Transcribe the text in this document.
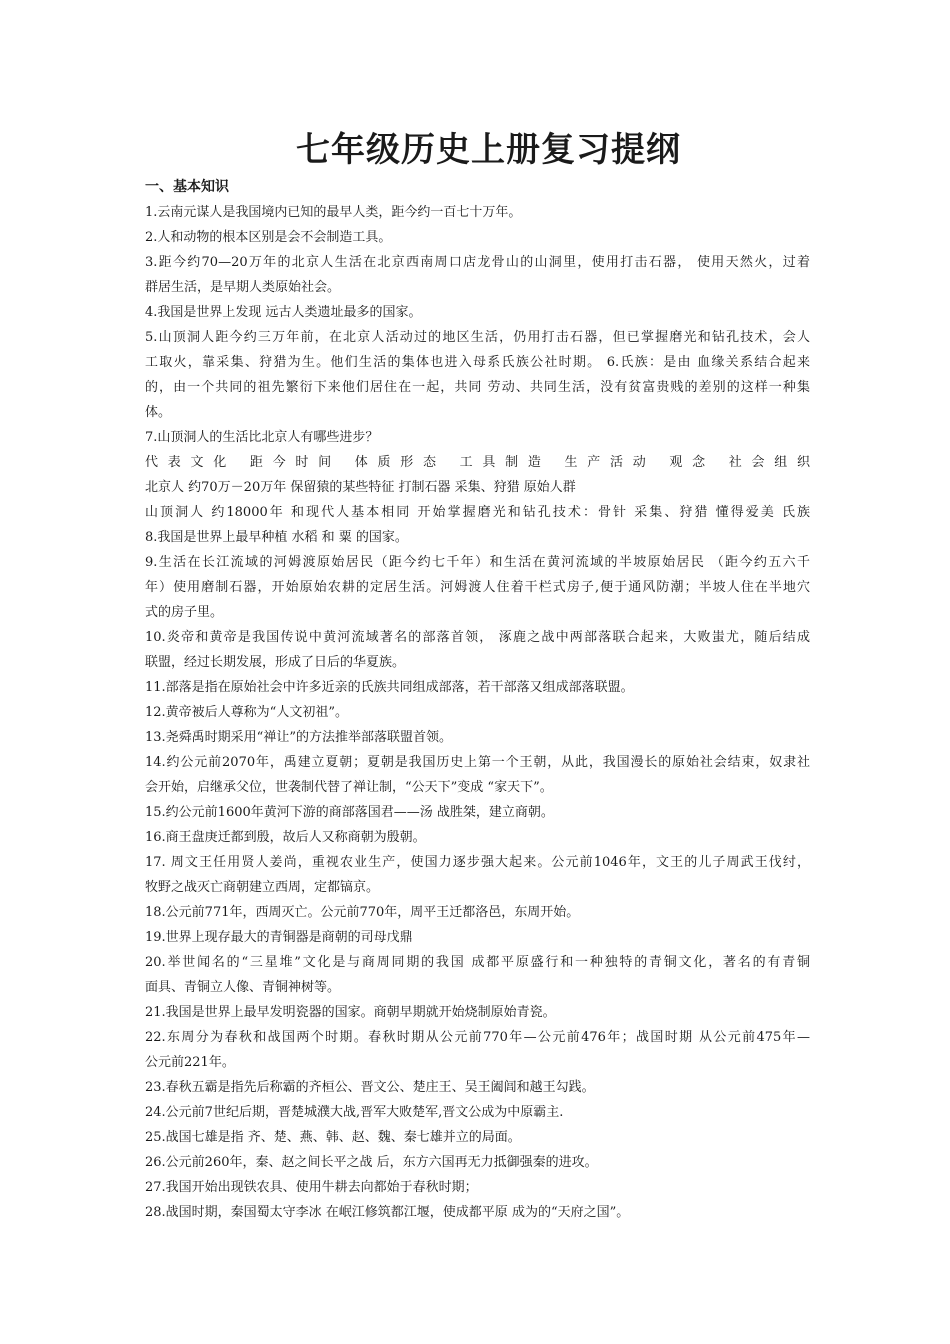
七年级历史上册复习提纲
一、基本知识
1.云南元谋人是我国境内已知的最早人类，距今约一百七十万年。
2.人和动物的根本区别是会不会制造工具。
3.距今约70—20万年的北京人生活在北京西南周口店龙骨山的山洞里，使用打击石器， 使用天然火，过着
群居生活，是早期人类原始社会。
4.我国是世界上发现 远古人类遗址最多的国家。
5.山顶洞人距今约三万年前，在北京人活动过的地区生活，仍用打击石器，但已掌握磨光和钻孔技术，会人
工取火，靠采集、狩猎为生。他们生活的集体也进入母系氏族公社时期。 6.氏族：是由 血缘关系结合起来
的，由一个共同的祖先繁衍下来他们居住在一起，共同 劳动、共同生活，没有贫富贵贱的差别的这样一种集
体。
7.山顶洞人的生活比北京人有哪些进步？
代表文化 距今时间 体质形态 工具制造 生产活动 观念 社会组织
北京人 约70万－20万年 保留猿的某些特征 打制石器 采集、狩猎 原始人群
山顶洞人 约18000年 和现代人基本相同 开始掌握磨光和钻孔技术：骨针 采集、狩猎 懂得爱美 氏族
8.我国是世界上最早种植 水稻 和 粟 的国家。
9.生活在长江流域的河姆渡原始居民（距今约七千年）和生活在黄河流域的半坡原始居民 （距今约五六千
年）使用磨制石器，开始原始农耕的定居生活。河姆渡人住着干栏式房子,便于通风防潮；半坡人住在半地穴
式的房子里。
10.炎帝和黄帝是我国传说中黄河流域著名的部落首领， 涿鹿之战中两部落联合起来，大败蚩尤，随后结成
联盟，经过长期发展，形成了日后的华夏族。
11.部落是指在原始社会中许多近亲的氏族共同组成部落，若干部落又组成部落联盟。
12.黄帝被后人尊称为“人文初祖”。
13.尧舜禹时期采用“禅让”的方法推举部落联盟首领。
14.约公元前2070年，禹建立夏朝；夏朝是我国历史上第一个王朝，从此，我国漫长的原始社会结束，奴隶社
会开始，启继承父位，世袭制代替了禅让制，“公天下”变成 “家天下”。
15.约公元前1600年黄河下游的商部落国君——汤 战胜桀，建立商朝。
16.商王盘庚迁都到殷，故后人又称商朝为殷朝。
17. 周文王任用贤人姜尚，重视农业生产，使国力逐步强大起来。公元前1046年，文王的儿子周武王伐纣，
牧野之战灭亡商朝建立西周，定都镐京。
18.公元前771年，西周灭亡。公元前770年，周平王迁都洛邑，东周开始。
19.世界上现存最大的青铜器是商朝的司母戊鼎
20.举世闻名的“三星堆”文化是与商周同期的我国 成都平原盛行和一种独特的青铜文化，著名的有青铜
面具、青铜立人像、青铜神树等。
21.我国是世界上最早发明瓷器的国家。商朝早期就开始烧制原始青瓷。
22.东周分为春秋和战国两个时期。春秋时期从公元前770年—公元前476年；战国时期 从公元前475年—
公元前221年。
23.春秋五霸是指先后称霸的齐桓公、晋文公、楚庄王、吴王阖闾和越王勾践。
24.公元前7世纪后期，晋楚城濮大战,晋军大败楚军,晋文公成为中原霸主.
25.战国七雄是指 齐、楚、燕、韩、赵、魏、秦七雄并立的局面。
26.公元前260年，秦、赵之间长平之战 后，东方六国再无力抵御强秦的进攻。
27.我国开始出现铁农具、使用牛耕去向都始于春秋时期；
28.战国时期，秦国蜀太守李冰 在岷江修筑都江堰，使成都平原 成为的“天府之国”。
